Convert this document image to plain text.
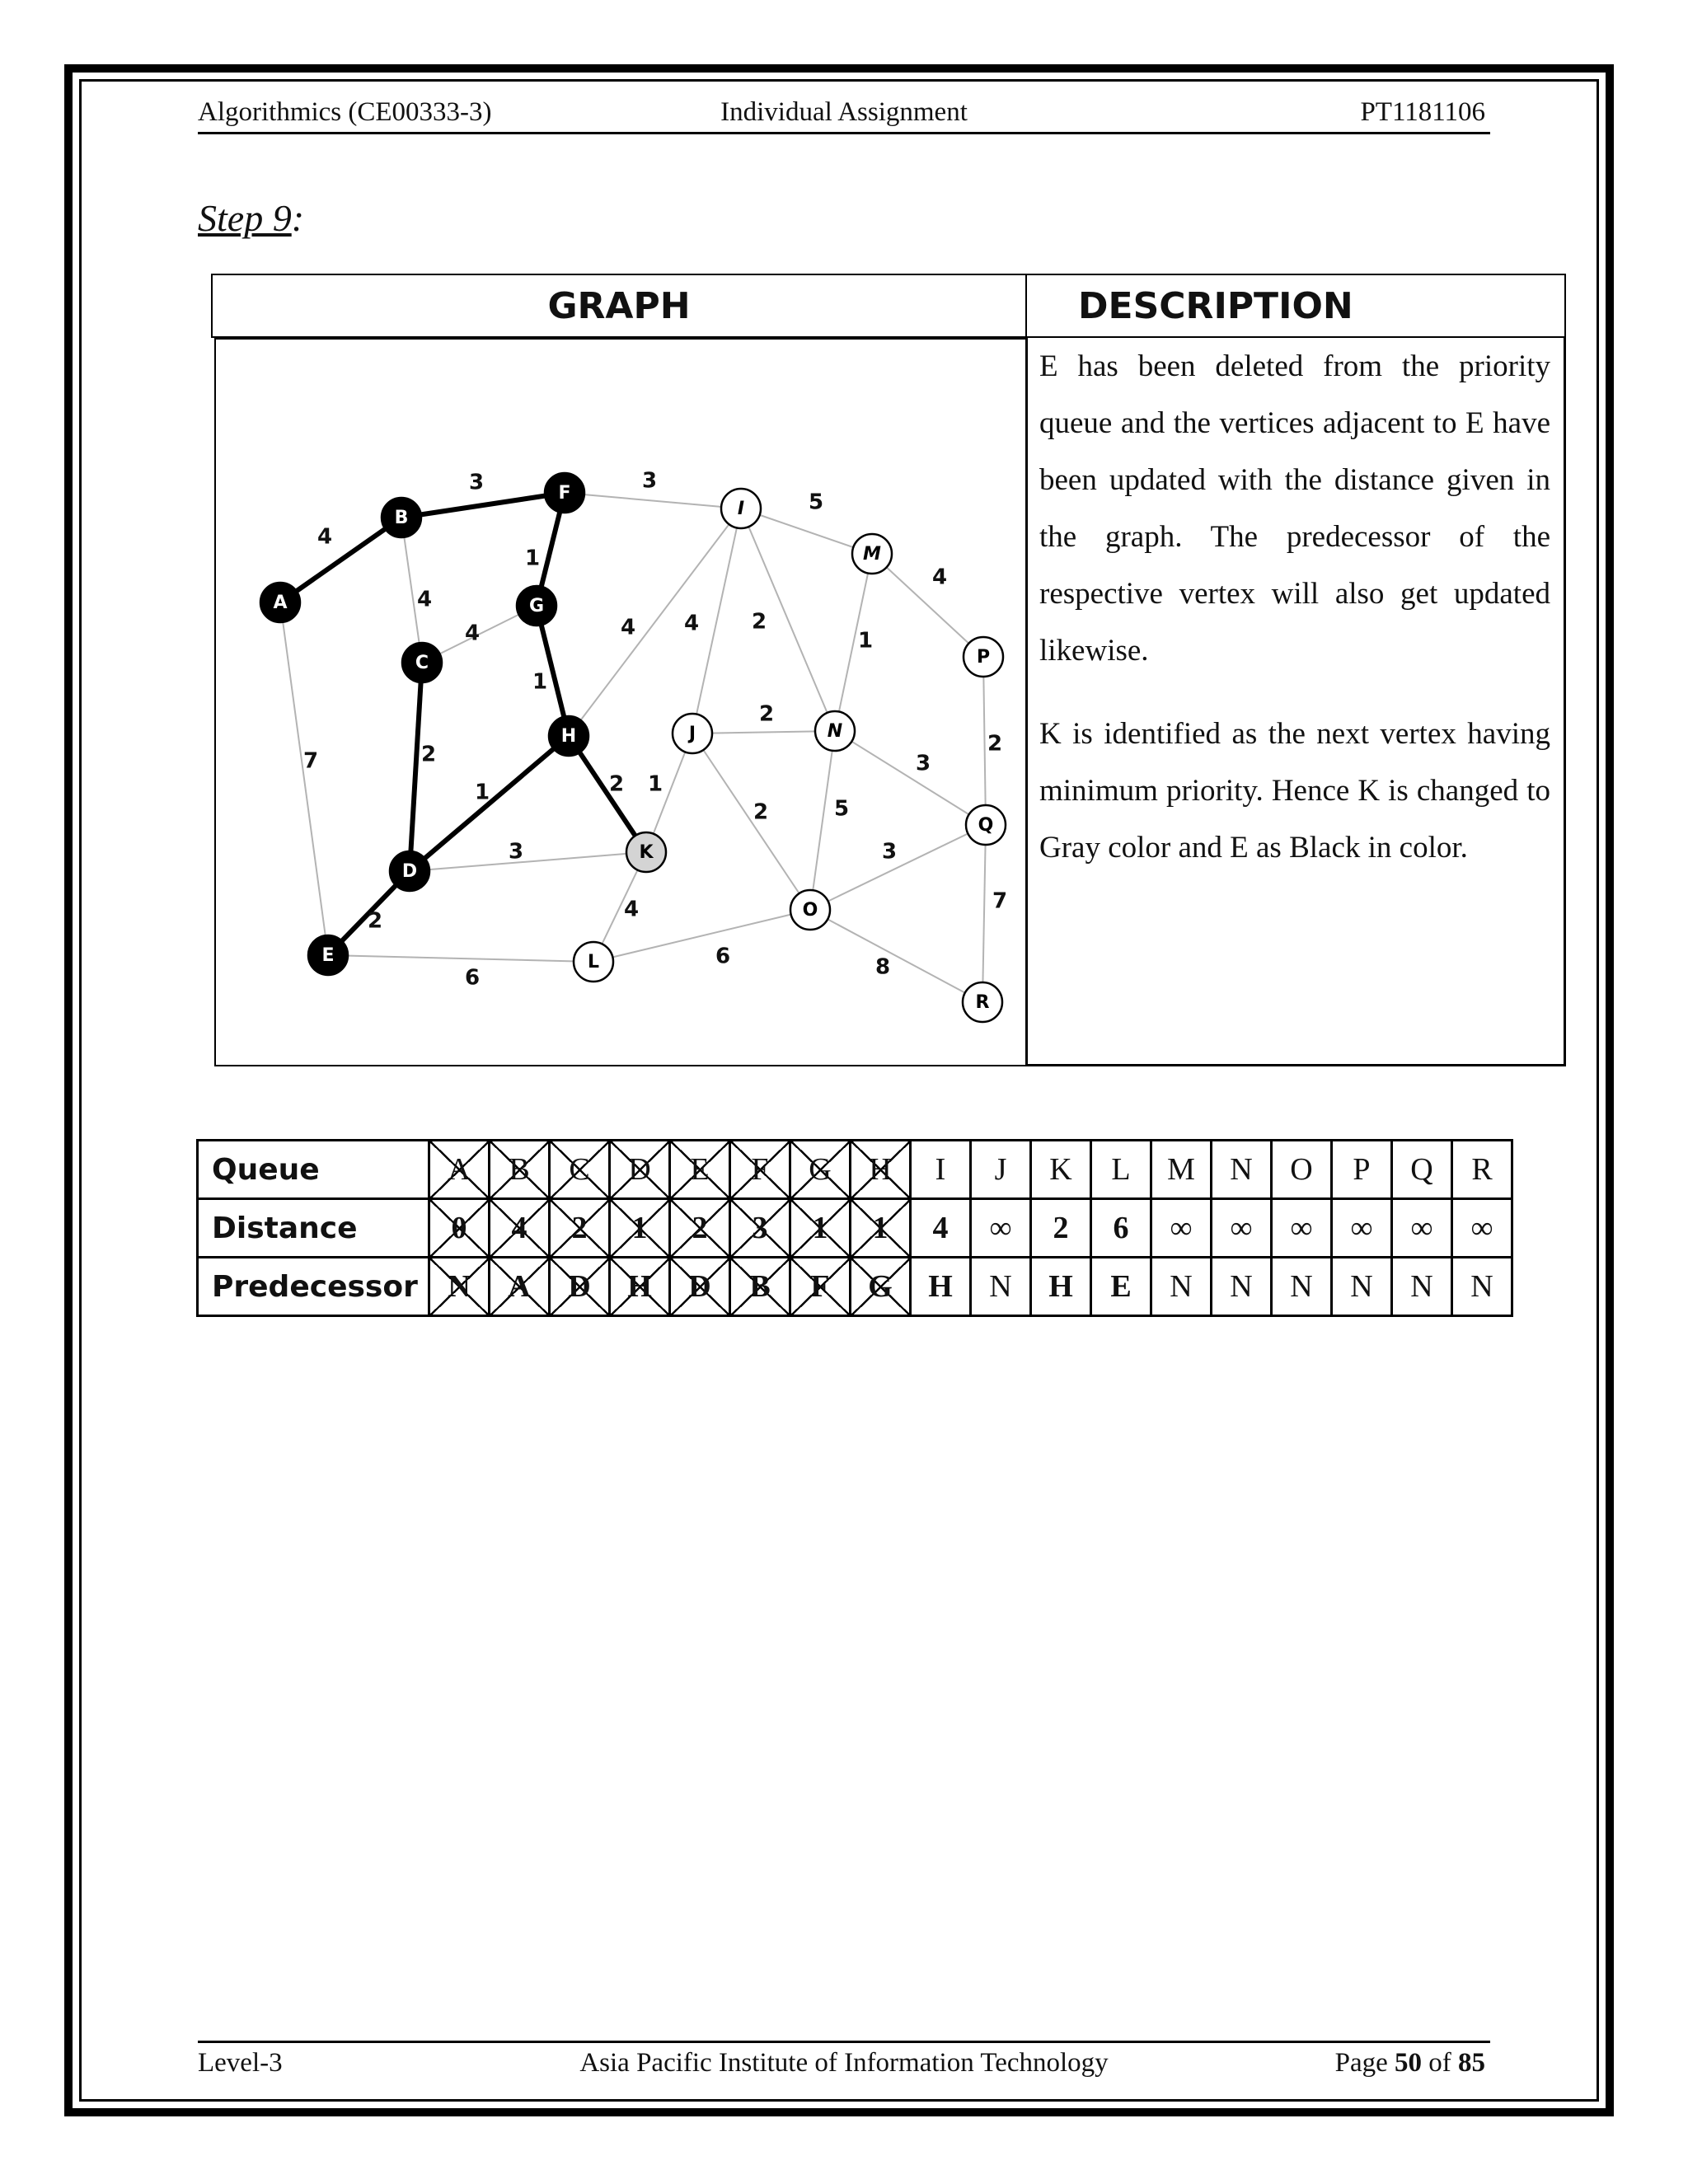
Algorithmics (CE00333-3)	Individual Assignment	PT1181106
Step 9:
GRAPH	DESCRIPTION

E has been deleted from the priority queue and the vertices adjacent to E have been updated with the distance given in the graph. The predecessor of the respective vertex will also get updated likewise.

K is identified as the next vertex having minimum priority. Hence K is changed to Gray color and E as Black in color.

4
3
1
1
1
2
2
2
3
4
4
7
4 4 2
5
4
1
2
1
2	5
3
2
3
7
8
3
4
6
6
A
B
C
D
E
F
G
H
I
J
K
L
M
N
O
P
Q
R
Queue	A	B	C	D	E	F	G	H	I	J	K	L	M	N	O	P	Q	R
Distance	0	4	2	1	2	3	1	1	4	∞	2	6	∞	∞	∞	∞	∞	∞
Predecessor	N	A	D	H	D	B	F	G	H	N	H	E	N	N	N	N	N	N
Level-3	Asia Pacific Institute of Information Technology	Page 50 of 85
